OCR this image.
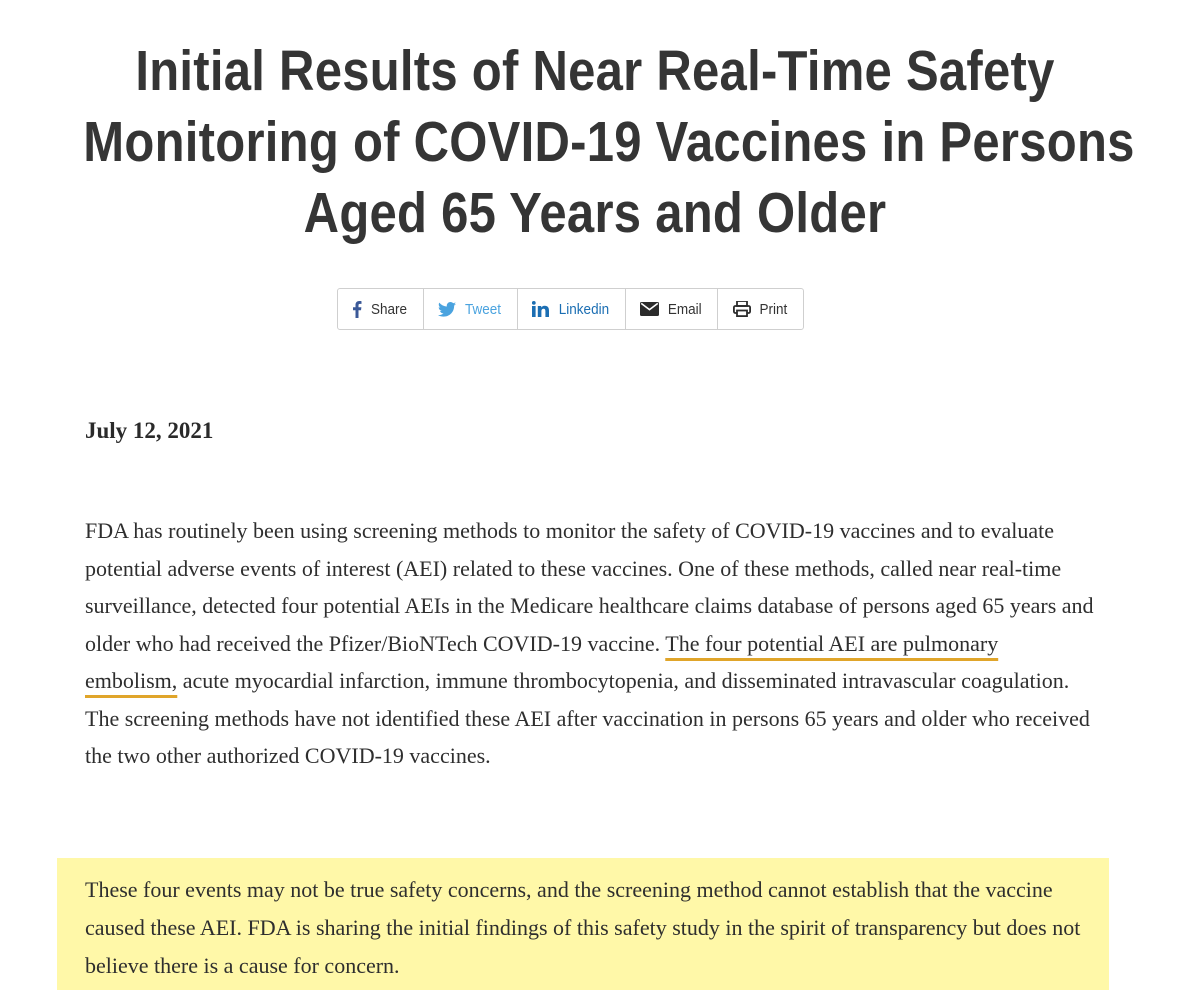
Initial Results of Near Real-Time Safety
Monitoring of COVID-19 Vaccines in Persons
Aged 65 Years and Older
Share	Tweet	Linkedin	Email	Print

July 12, 2021

FDA has routinely been using screening methods to monitor the safety of COVID-19 vaccines and to evaluate potential adverse events of interest (AEI) related to these vaccines. One of these methods, called near real-time surveillance, detected four potential AEIs in the Medicare healthcare claims database of persons aged 65 years and older who had received the Pfizer/BioNTech COVID-19 vaccine. The four potential AEI are pulmonary embolism, acute myocardial infarction, immune thrombocytopenia, and disseminated intravascular coagulation. The screening methods have not identified these AEI after vaccination in persons 65 years and older who received the two other authorized COVID-19 vaccines.

These four events may not be true safety concerns, and the screening method cannot establish that the vaccine caused these AEI. FDA is sharing the initial findings of this safety study in the spirit of transparency but does not believe there is a cause for concern.
